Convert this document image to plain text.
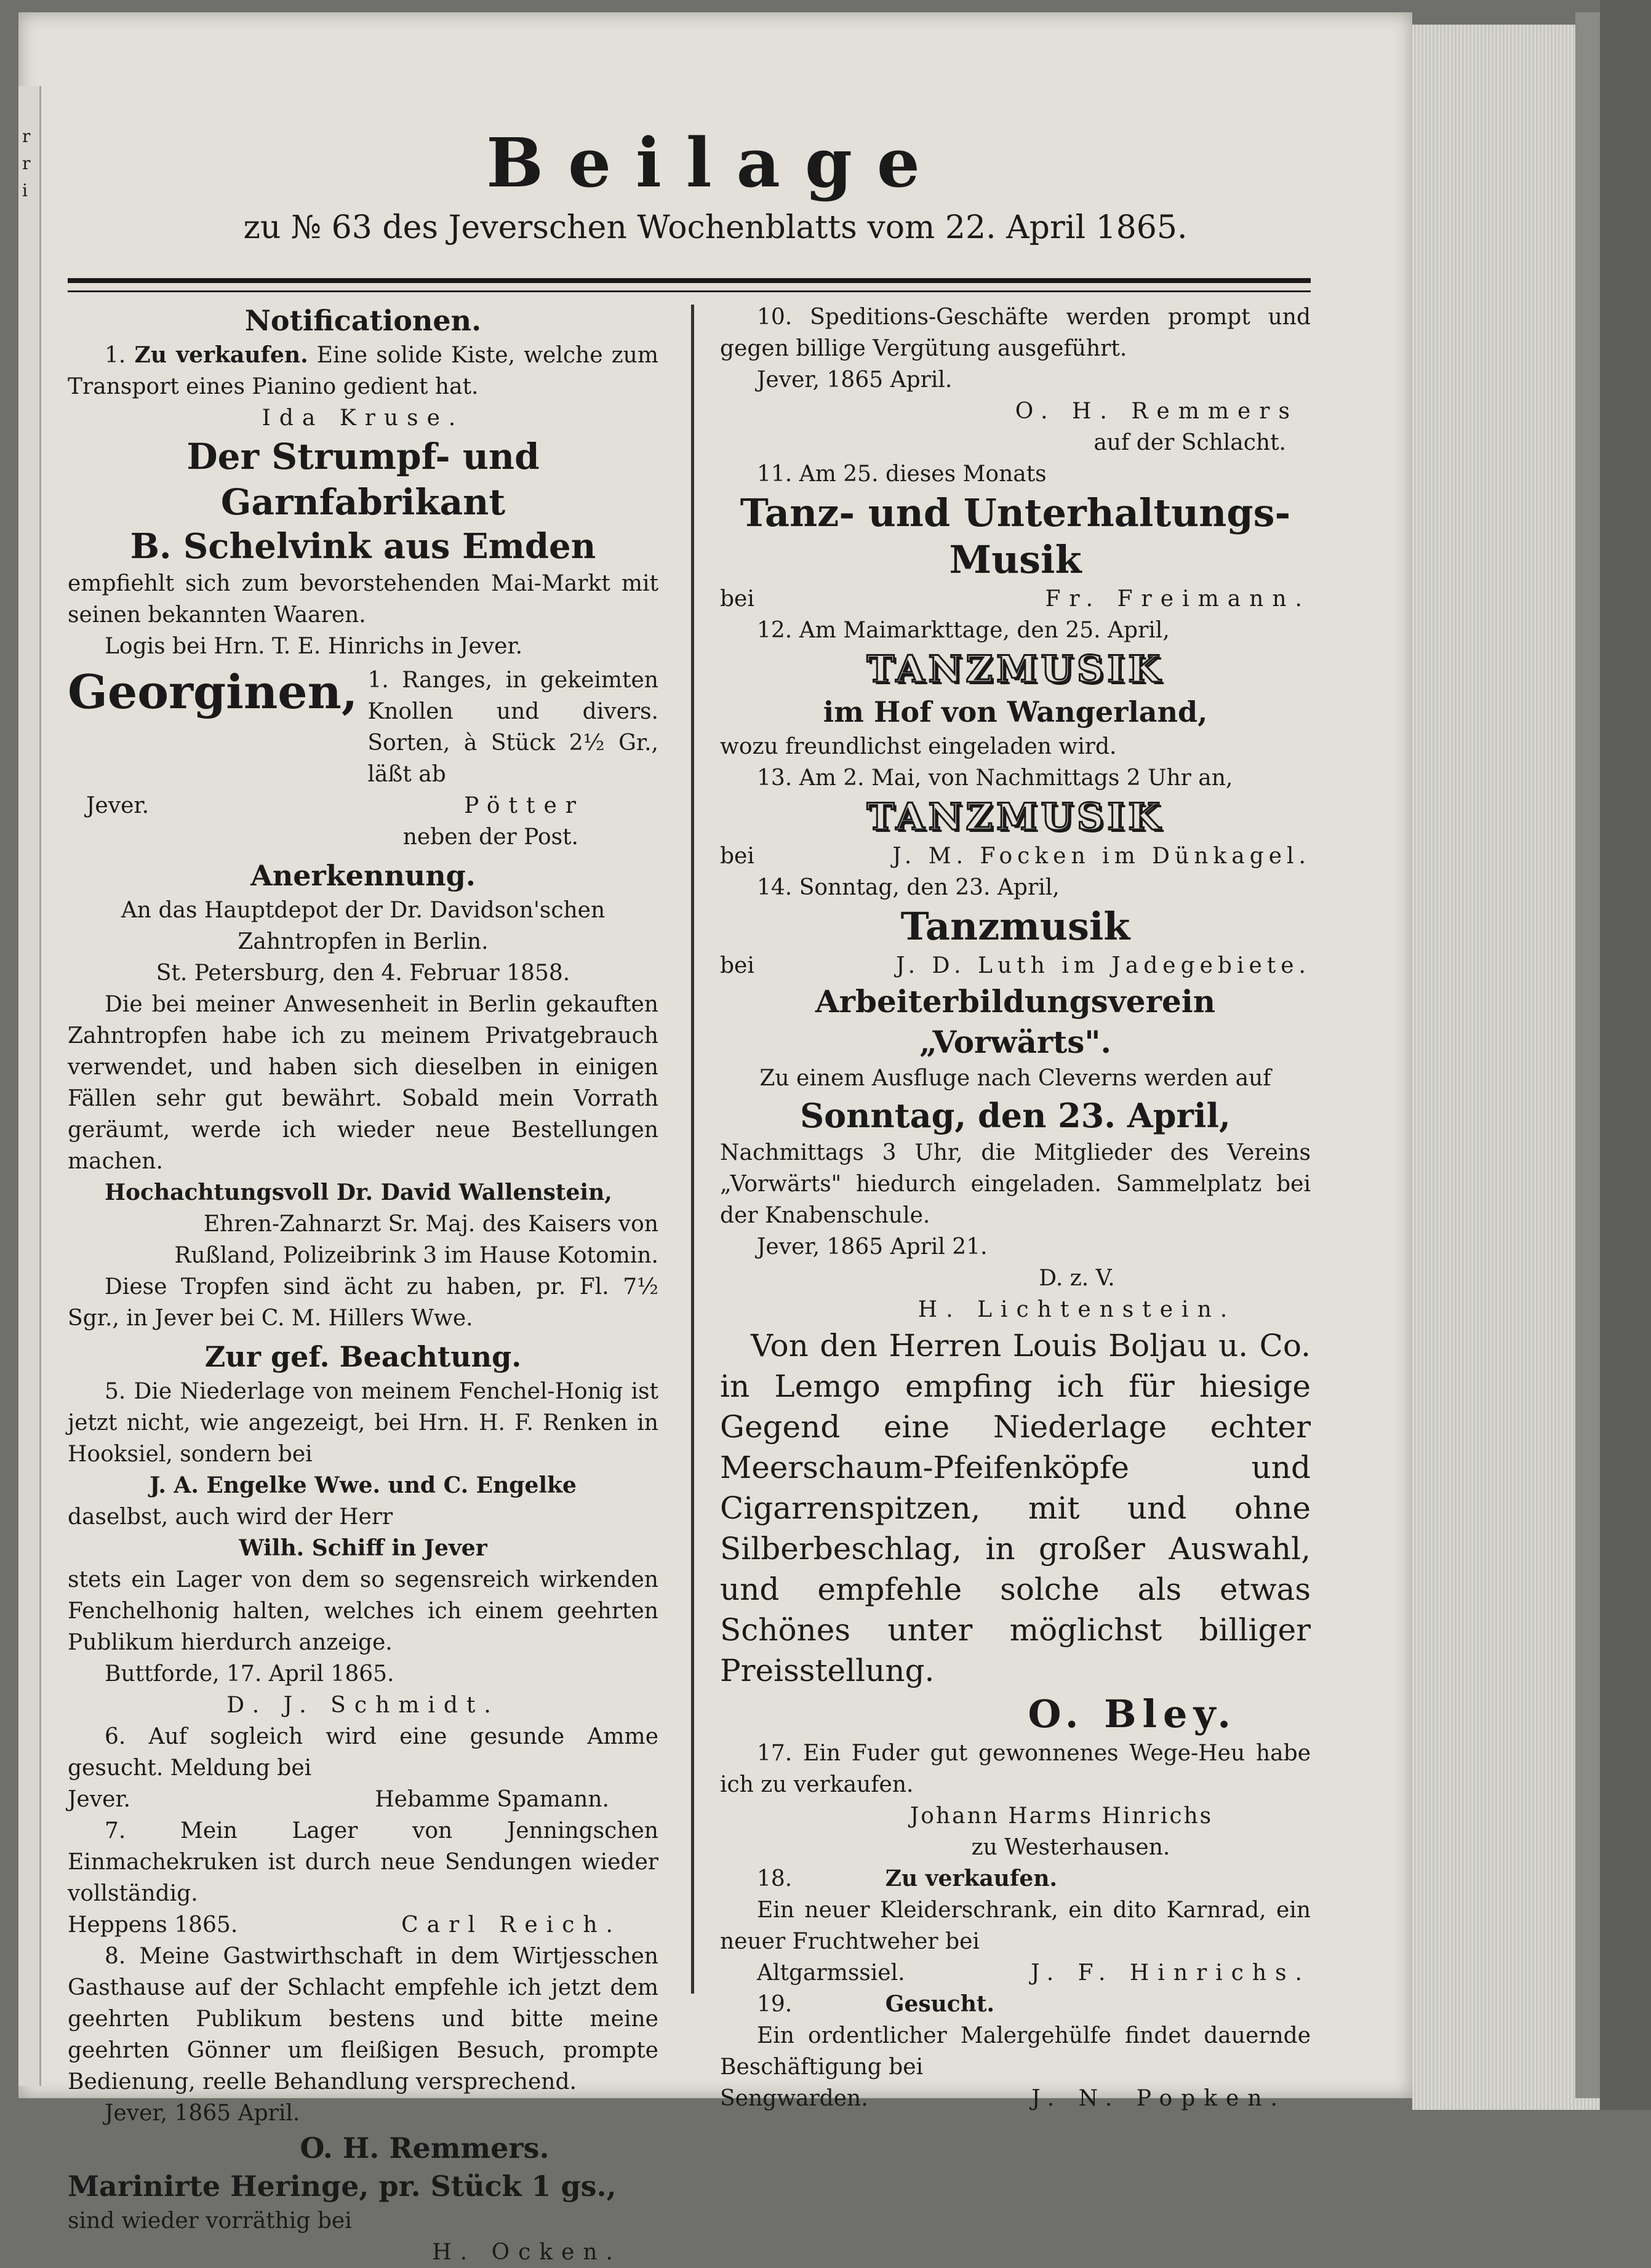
r
r
i	Beilage
zu № 63 des Jeverschen Wochenblatts vom 22. April 1865.

Notificationen.

1. Zu verkaufen. Eine solide Kiste, welche zum Transport eines Pianino gedient hat.

Ida Kruse.

Der Strumpf- und Garnfabrikant

B. Schelvink aus Emden

empfiehlt sich zum bevorstehenden Mai-Markt mit seinen bekannten Waaren.

Logis bei Hrn. T. E. Hinrichs in Jever.

Georginen, 1. Ranges, in gekeimten Knollen und divers. Sorten, à Stück 2½ Gr., läßt ab
Jever.	Pötter

neben der Post.

Anerkennung.

An das Hauptdepot der Dr. Davidson'schen

Zahntropfen in Berlin.

St. Petersburg, den 4. Februar 1858.

Die bei meiner Anwesenheit in Berlin gekauften Zahntropfen habe ich zu meinem Privatgebrauch verwendet, und haben sich dieselben in einigen Fällen sehr gut bewährt. Sobald mein Vorrath geräumt, werde ich wieder neue Bestellungen machen.

Hochachtungsvoll Dr. David Wallenstein,

Ehren-Zahnarzt Sr. Maj. des Kaisers von

Rußland, Polizeibrink 3 im Hause Kotomin.

Diese Tropfen sind ächt zu haben, pr. Fl. 7½ Sgr., in Jever bei C. M. Hillers Wwe.

Zur gef. Beachtung.

5. Die Niederlage von meinem Fenchel-Honig ist jetzt nicht, wie angezeigt, bei Hrn. H. F. Renken in Hooksiel, sondern bei

J. A. Engelke Wwe. und C. Engelke

daselbst, auch wird der Herr

Wilh. Schiff in Jever

stets ein Lager von dem so segensreich wirkenden Fenchelhonig halten, welches ich einem geehrten Publikum hierdurch anzeige.

Buttforde, 17. April 1865.

D. J. Schmidt.

6. Auf sogleich wird eine gesunde Amme gesucht. Meldung bei

Jever.	Hebamme Spamann.

7. Mein Lager von Jenningschen Einmachekruken ist durch neue Sendungen wieder vollständig.

Heppens 1865.	Carl Reich.

8. Meine Gastwirthschaft in dem Wirtjesschen Gasthause auf der Schlacht empfehle ich jetzt dem geehrten Publikum bestens und bitte meine geehrten Gönner um fleißigen Besuch, prompte Bedienung, reelle Behandlung versprechend.

Jever, 1865 April.

O. H. Remmers.

Marinirte Heringe, pr. Stück 1 gs.,

sind wieder vorräthig bei

H. Ocken.

10. Speditions-Geschäfte werden prompt und gegen billige Vergütung ausgeführt.

Jever, 1865 April.

O. H. Remmers

auf der Schlacht.

11. Am 25. dieses Monats

Tanz- und Unterhaltungs-

Musik

bei	Fr. Freimann.

12. Am Maimarkttage, den 25. April,

TANZMUSIK

im Hof von Wangerland,

wozu freundlichst eingeladen wird.

13. Am 2. Mai, von Nachmittags 2 Uhr an,

TANZMUSIK

bei	J. M. Focken im Dünkagel.

14. Sonntag, den 23. April,

Tanzmusik

bei	J. D. Luth im Jadegebiete.

Arbeiterbildungsverein „Vorwärts".

Zu einem Ausfluge nach Cleverns werden auf

Sonntag, den 23. April,

Nachmittags 3 Uhr, die Mitglieder des Vereins „Vorwärts" hiedurch eingeladen. Sammelplatz bei der Knabenschule.

Jever, 1865 April 21.

D. z. V.

H. Lichtenstein.

Von den Herren Louis Boljau u. Co. in Lemgo empfing ich für hiesige Gegend eine Niederlage echter Meerschaum-Pfeifenköpfe und Cigarrenspitzen, mit und ohne Silberbeschlag, in großer Auswahl, und empfehle solche als etwas Schönes unter möglichst billiger Preisstellung.

O. Bley.

17. Ein Fuder gut gewonnenes Wege-Heu habe ich zu verkaufen.

Johann Harms Hinrichs

zu Westerhausen.

18.	Zu verkaufen.

Ein neuer Kleiderschrank, ein dito Karnrad, ein neuer Fruchtweher bei

Altgarmssiel.	J. F. Hinrichs.

19.	Gesucht.

Ein ordentlicher Malergehülfe findet dauernde Beschäftigung bei

Sengwarden.	J. N. Popken.
